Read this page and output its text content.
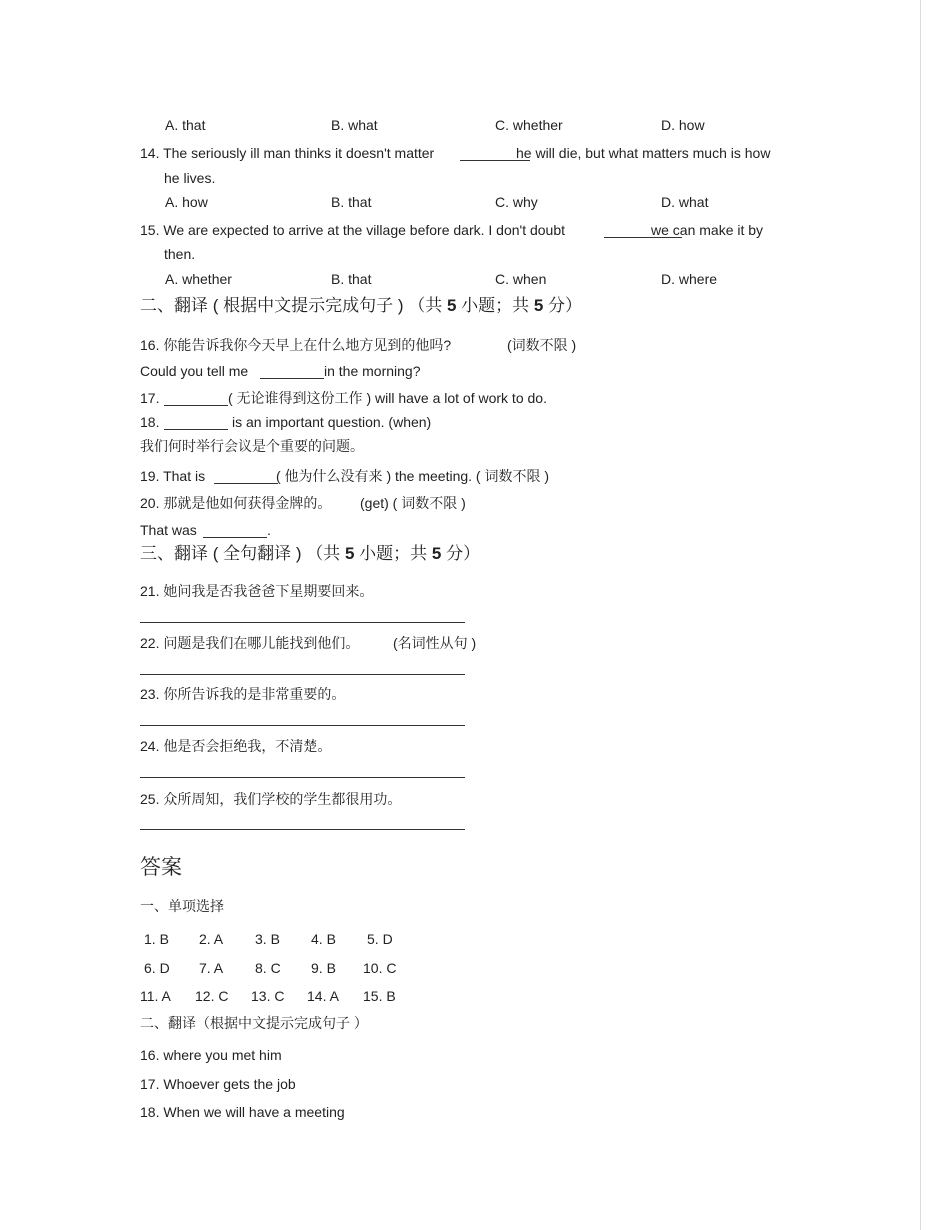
A. that	B. what	C. whether	D. how
14. The seriously ill man thinks it doesn't matter	he will die, but what matters much is how
he lives.
A. how	B. that	C. why	D. what
15. We are expected to arrive at the village before dark. I don't doubt	we can make it by
then.
A. whether	B. that	C. when	D. where
二、翻译 ( 根据中文提示完成句子 ) （共 5 小题；共 5 分）
16. 你能告诉我你今天早上在什么地方见到的他吗?	(词数不限 )
Could you tell me	in the morning?
17.	( 无论谁得到这份工作 ) will have a lot of work to do.
18.	is an important question. (when)
我们何时举行会议是个重要的问题。
19. That is	( 他为什么没有来 ) the meeting. ( 词数不限 )
20. 那就是他如何获得金牌的。 (get) ( 词数不限 )
That was	.
三、翻译 ( 全句翻译 ) （共 5 小题；共 5 分）
21. 她问我是否我爸爸下星期要回来。
22. 问题是我们在哪儿能找到他们。 (名词性从句 )
23. 你所告诉我的是非常重要的。
24. 他是否会拒绝我，不清楚。
25. 众所周知，我们学校的学生都很用功。
答案
一、单项选择
1. B 2. A 3. B 4. B 5. D
6. D 7. A 8. C 9. B 10. C
11. A 12. C 13. C 14. A 15. B
二、翻译（根据中文提示完成句子 ）
16. where you met him
17. Whoever gets the job
18. When we will have a meeting
